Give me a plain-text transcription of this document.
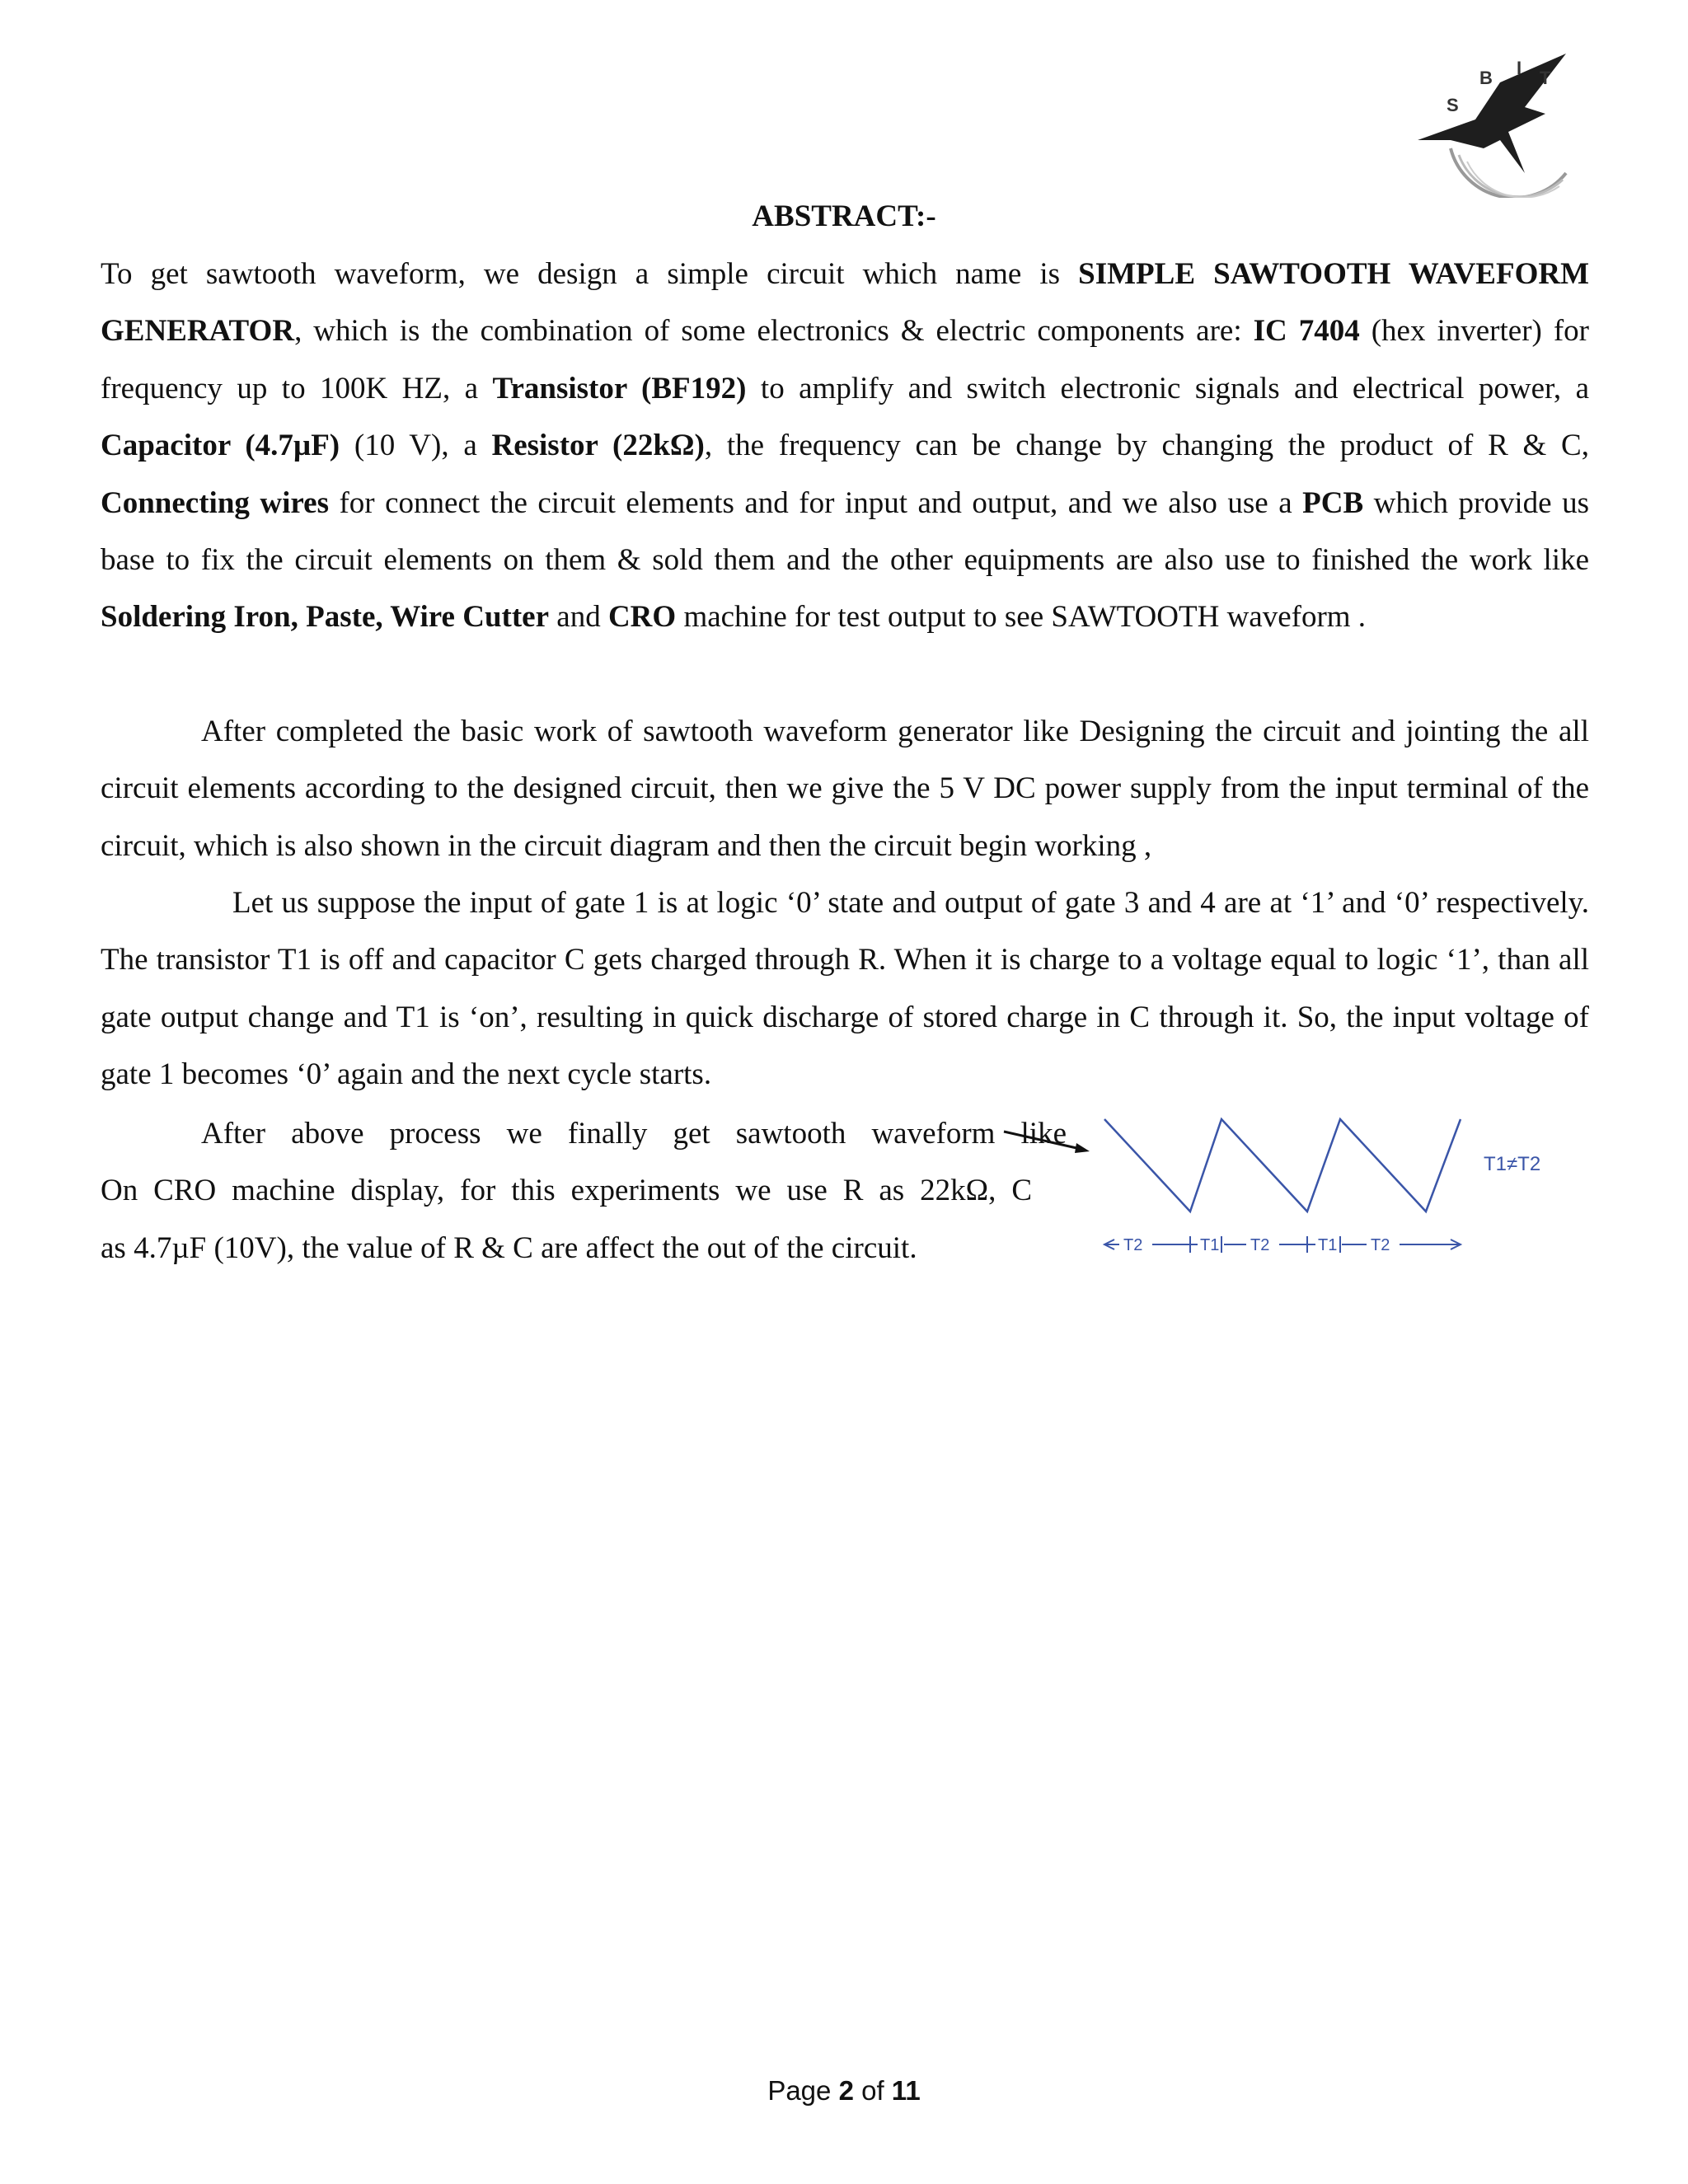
S
B I T
ABSTRACT:-

To get sawtooth waveform, we design a simple circuit which name is SIMPLE SAWTOOTH WAVEFORM GENERATOR, which is the combination of some electronics & electric components are: IC 7404 (hex inverter) for frequency up to 100K HZ, a Transistor (BF192) to amplify and switch electronic signals and electrical power, a Capacitor (4.7µF) (10 V), a Resistor (22kΩ), the frequency can be change by changing the product of R & C, Connecting wires for connect the circuit elements and for input and output, and we also use a PCB which provide us base to fix the circuit elements on them & sold them and the other equipments are also use to finished the work like Soldering Iron, Paste, Wire Cutter and CRO machine for test output to see SAWTOOTH waveform .

After completed the basic work of sawtooth waveform generator like Designing the circuit and jointing the all circuit elements according to the designed circuit, then we give the 5 V DC power supply from the input terminal of the circuit, which is also shown in the circuit diagram and then the circuit begin working ,

Let us suppose the input of gate 1 is at logic ‘0’ state and output of gate 3 and 4 are at ‘1’ and ‘0’ respectively. The transistor T1 is off and capacitor C gets charged through R. When it is charge to a voltage equal to logic ‘1’, than all gate output change and T1 is ‘on’, resulting in quick discharge of stored charge in C through it. So, the input voltage of gate 1 becomes ‘0’ again and the next cycle starts.

After above process we finally get sawtooth waveform like
On CRO machine display, for this experiments we use R as 22kΩ, C
as 4.7µF (10V), the value of R & C are affect the out of the circuit.
T1≠T2
T2	T1 T2	T1 T2
Page 2 of 11
